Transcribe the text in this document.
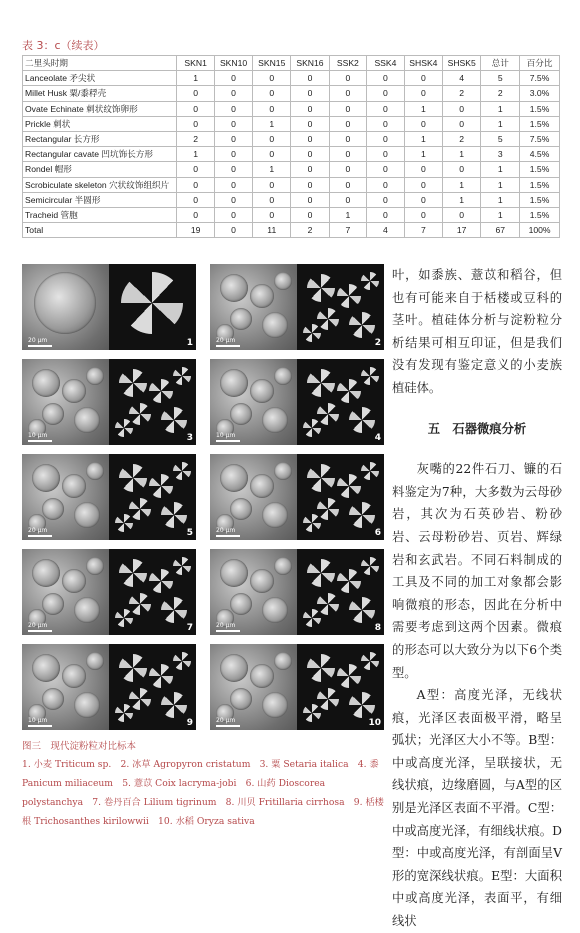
表 3：c（续表）
二里头时期	SKN1	SKN10	SKN15	SKN16	SSK2	SSK4	SHSK4	SHSK5	总计	百分比
Lanceolate 矛尖状	1	0	0	0	0	0	0	4	5	7.5%
Millet Husk 粟/黍稃壳	0	0	0	0	0	0	0	2	2	3.0%
Ovate Echinate 刺状纹饰卵形	0	0	0	0	0	0	1	0	1	1.5%
Prickle 刺状	0	0	1	0	0	0	0	0	1	1.5%
Rectangular 长方形	2	0	0	0	0	0	1	2	5	7.5%
Rectangular cavate 凹坑饰长方形	1	0	0	0	0	0	1	1	3	4.5%
Rondel 帽形	0	0	1	0	0	0	0	0	1	1.5%
Scrobiculate skeleton 穴状纹饰组织片	0	0	0	0	0	0	0	1	1	1.5%
Semicircular 半圆形	0	0	0	0	0	0	0	1	1	1.5%
Tracheid 管胞	0	0	0	0	1	0	0	0	1	1.5%
Total	19	0	11	2	7	4	7	17	67	100%
20 μm	1	20 μm	2
10 μm	3	10 μm	4
20 μm	5	20 μm	6
20 μm	7	20 μm	8
10 μm	9	20 μm	10
图三　现代淀粉粒对比标本
1. 小麦 Triticum sp.　2. 冰草 Agropyron cristatum　3. 粟 Setaria italica　4. 黍 Panicum miliaceum　5. 薏苡 Coix lacryma-jobi　6. 山药 Dioscorea polystanchya　7. 卷丹百合 Lilium tigrinum　8. 川贝 Fritillaria cirrhosa　9. 栝楼根 Trichosanthes kirilowwii　10. 水稻 Oryza sativa

叶，如黍族、薏苡和稻谷，但也有可能来自于栝楼或豆科的茎叶。植硅体分析与淀粉粒分析结果可相互印证，但是我们没有发现有鉴定意义的小麦族植硅体。

五　石器微痕分析

灰嘴的22件石刀、镰的石料鉴定为7种，大多数为云母砂岩，其次为石英砂岩、粉砂岩、云母粉砂岩、页岩、辉绿岩和玄武岩。不同石料制成的工具及不同的加工对象都会影响微痕的形态，因此在分析中需要考虑到这两个因素。微痕的形态可以大致分为以下6个类型。

A型：高度光泽，无线状痕，光泽区表面极平滑，略呈弧状；光泽区大小不等。B型：中或高度光泽，呈联接状，无线状痕，边缘磨圆，与A型的区别是光泽区表面不平滑。C型：中或高度光泽，有细线状痕。D型：中或高度光泽，有剖面呈V形的宽深线状痕。E型：大面积中或高度光泽，表面平，有细线状
